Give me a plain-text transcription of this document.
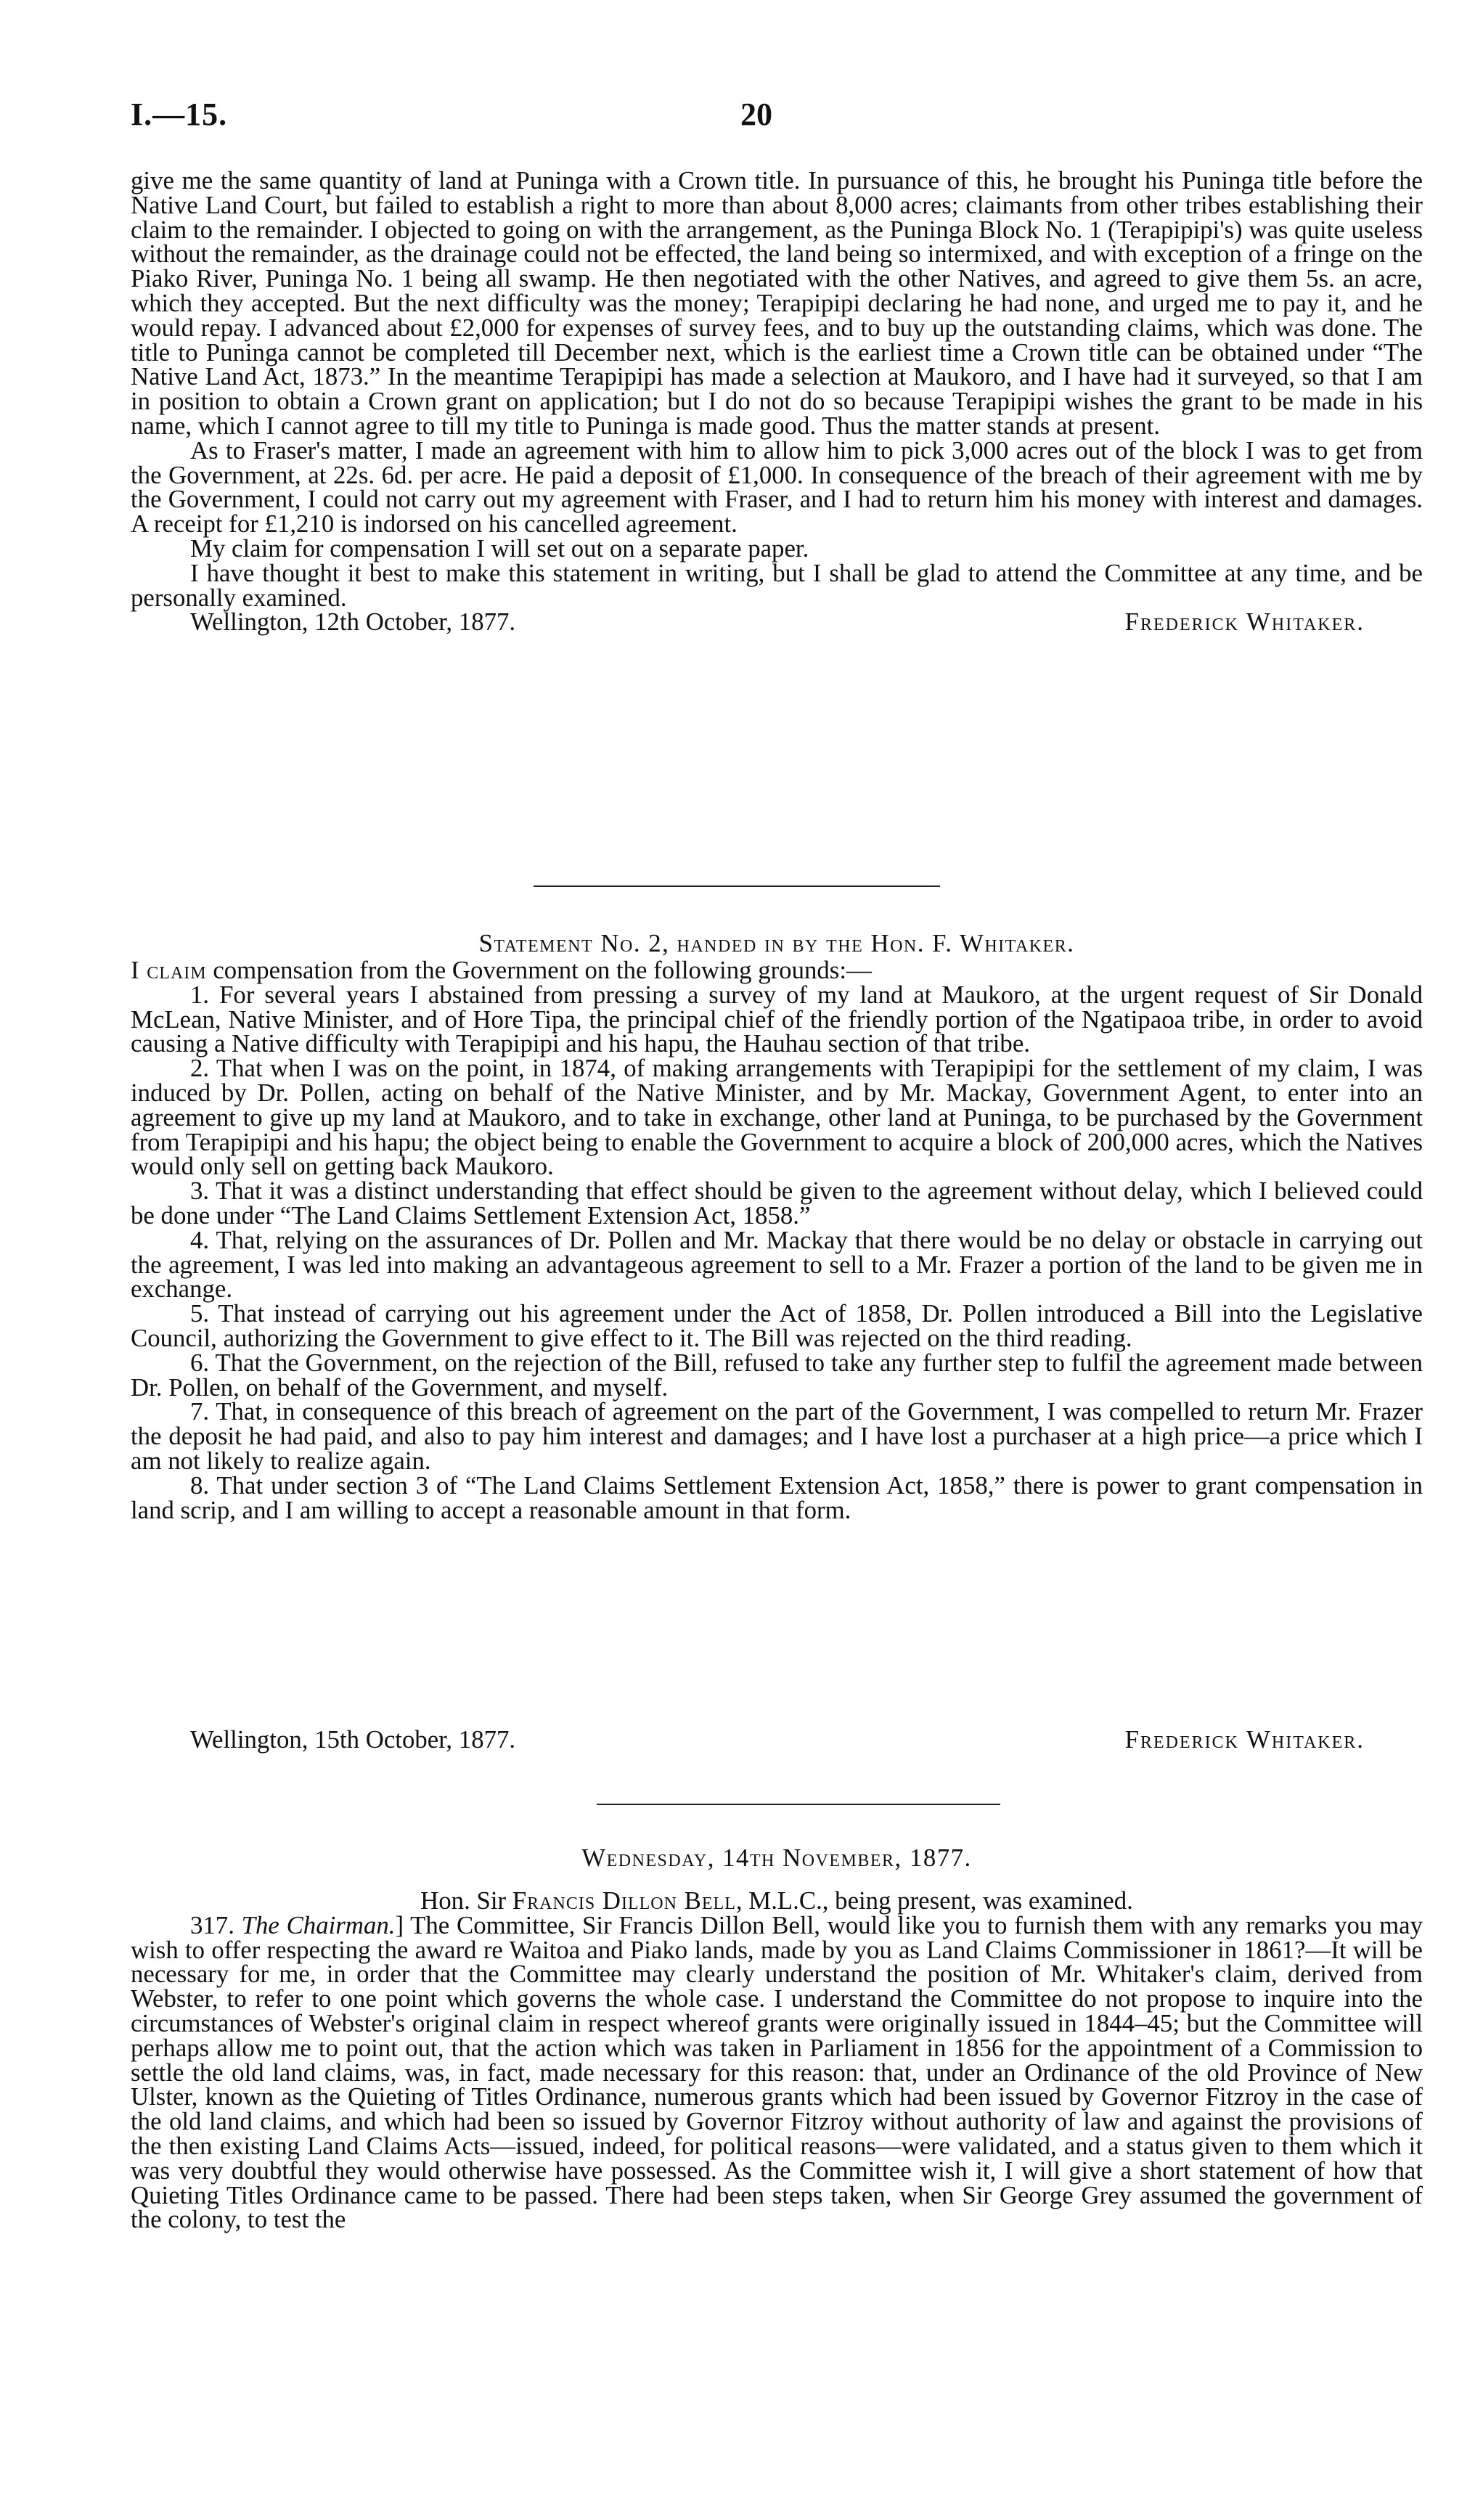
I.—15.	20

give me the same quantity of land at Puninga with a Crown title. In pursuance of this, he brought his Puninga title before the Native Land Court, but failed to establish a right to more than about 8,000 acres; claimants from other tribes establishing their claim to the remainder. I objected to going on with the arrangement, as the Puninga Block No. 1 (Terapipipi's) was quite useless without the remainder, as the drainage could not be effected, the land being so intermixed, and with exception of a fringe on the Piako River, Puninga No. 1 being all swamp. He then negotiated with the other Natives, and agreed to give them 5s. an acre, which they accepted. But the next difficulty was the money; Terapipipi declaring he had none, and urged me to pay it, and he would repay. I advanced about £2,000 for expenses of survey fees, and to buy up the outstanding claims, which was done. The title to Puninga cannot be completed till December next, which is the earliest time a Crown title can be obtained under “The Native Land Act, 1873.” In the meantime Terapipipi has made a selection at Maukoro, and I have had it surveyed, so that I am in position to obtain a Crown grant on application; but I do not do so because Terapipipi wishes the grant to be made in his name, which I cannot agree to till my title to Puninga is made good. Thus the matter stands at present.

As to Fraser's matter, I made an agreement with him to allow him to pick 3,000 acres out of the block I was to get from the Government, at 22s. 6d. per acre. He paid a deposit of £1,000. In consequence of the breach of their agreement with me by the Government, I could not carry out my agreement with Fraser, and I had to return him his money with interest and damages. A receipt for £1,210 is indorsed on his cancelled agreement.

My claim for compensation I will set out on a separate paper.

I have thought it best to make this statement in writing, but I shall be glad to attend the Committee at any time, and be personally examined.

Wellington, 12th October, 1877.	Frederick Whitaker.
Statement No. 2, handed in by the Hon. F. Whitaker.

I claim compensation from the Government on the following grounds:—

1. For several years I abstained from pressing a survey of my land at Maukoro, at the urgent request of Sir Donald McLean, Native Minister, and of Hore Tipa, the principal chief of the friendly portion of the Ngatipaoa tribe, in order to avoid causing a Native difficulty with Terapipipi and his hapu, the Hauhau section of that tribe.

2. That when I was on the point, in 1874, of making arrangements with Terapipipi for the settlement of my claim, I was induced by Dr. Pollen, acting on behalf of the Native Minister, and by Mr. Mackay, Government Agent, to enter into an agreement to give up my land at Maukoro, and to take in exchange, other land at Puninga, to be purchased by the Government from Terapipipi and his hapu; the object being to enable the Government to acquire a block of 200,000 acres, which the Natives would only sell on getting back Maukoro.

3. That it was a distinct understanding that effect should be given to the agreement without delay, which I believed could be done under “The Land Claims Settlement Extension Act, 1858.”

4. That, relying on the assurances of Dr. Pollen and Mr. Mackay that there would be no delay or obstacle in carrying out the agreement, I was led into making an advantageous agreement to sell to a Mr. Frazer a portion of the land to be given me in exchange.

5. That instead of carrying out his agreement under the Act of 1858, Dr. Pollen introduced a Bill into the Legislative Council, authorizing the Government to give effect to it. The Bill was rejected on the third reading.

6. That the Government, on the rejection of the Bill, refused to take any further step to fulfil the agreement made between Dr. Pollen, on behalf of the Government, and myself.

7. That, in consequence of this breach of agreement on the part of the Government, I was compelled to return Mr. Frazer the deposit he had paid, and also to pay him interest and damages; and I have lost a purchaser at a high price—a price which I am not likely to realize again.

8. That under section 3 of “The Land Claims Settlement Extension Act, 1858,” there is power to grant compensation in land scrip, and I am willing to accept a reasonable amount in that form.

Wellington, 15th October, 1877.	Frederick Whitaker.
Wednesday, 14th November, 1877.

Hon. Sir Francis Dillon Bell, M.L.C., being present, was examined.

317. The Chairman.] The Committee, Sir Francis Dillon Bell, would like you to furnish them with any remarks you may wish to offer respecting the award re Waitoa and Piako lands, made by you as Land Claims Commissioner in 1861?—It will be necessary for me, in order that the Committee may clearly understand the position of Mr. Whitaker's claim, derived from Webster, to refer to one point which governs the whole case. I understand the Committee do not propose to inquire into the circumstances of Webster's original claim in respect whereof grants were originally issued in 1844–45; but the Committee will perhaps allow me to point out, that the action which was taken in Parliament in 1856 for the appointment of a Commission to settle the old land claims, was, in fact, made necessary for this reason: that, under an Ordinance of the old Province of New Ulster, known as the Quieting of Titles Ordinance, numerous grants which had been issued by Governor Fitzroy in the case of the old land claims, and which had been so issued by Governor Fitzroy without authority of law and against the provisions of the then existing Land Claims Acts—issued, indeed, for political reasons—were validated, and a status given to them which it was very doubtful they would otherwise have possessed. As the Committee wish it, I will give a short statement of how that Quieting Titles Ordinance came to be passed. There had been steps taken, when Sir George Grey assumed the government of the colony, to test the
